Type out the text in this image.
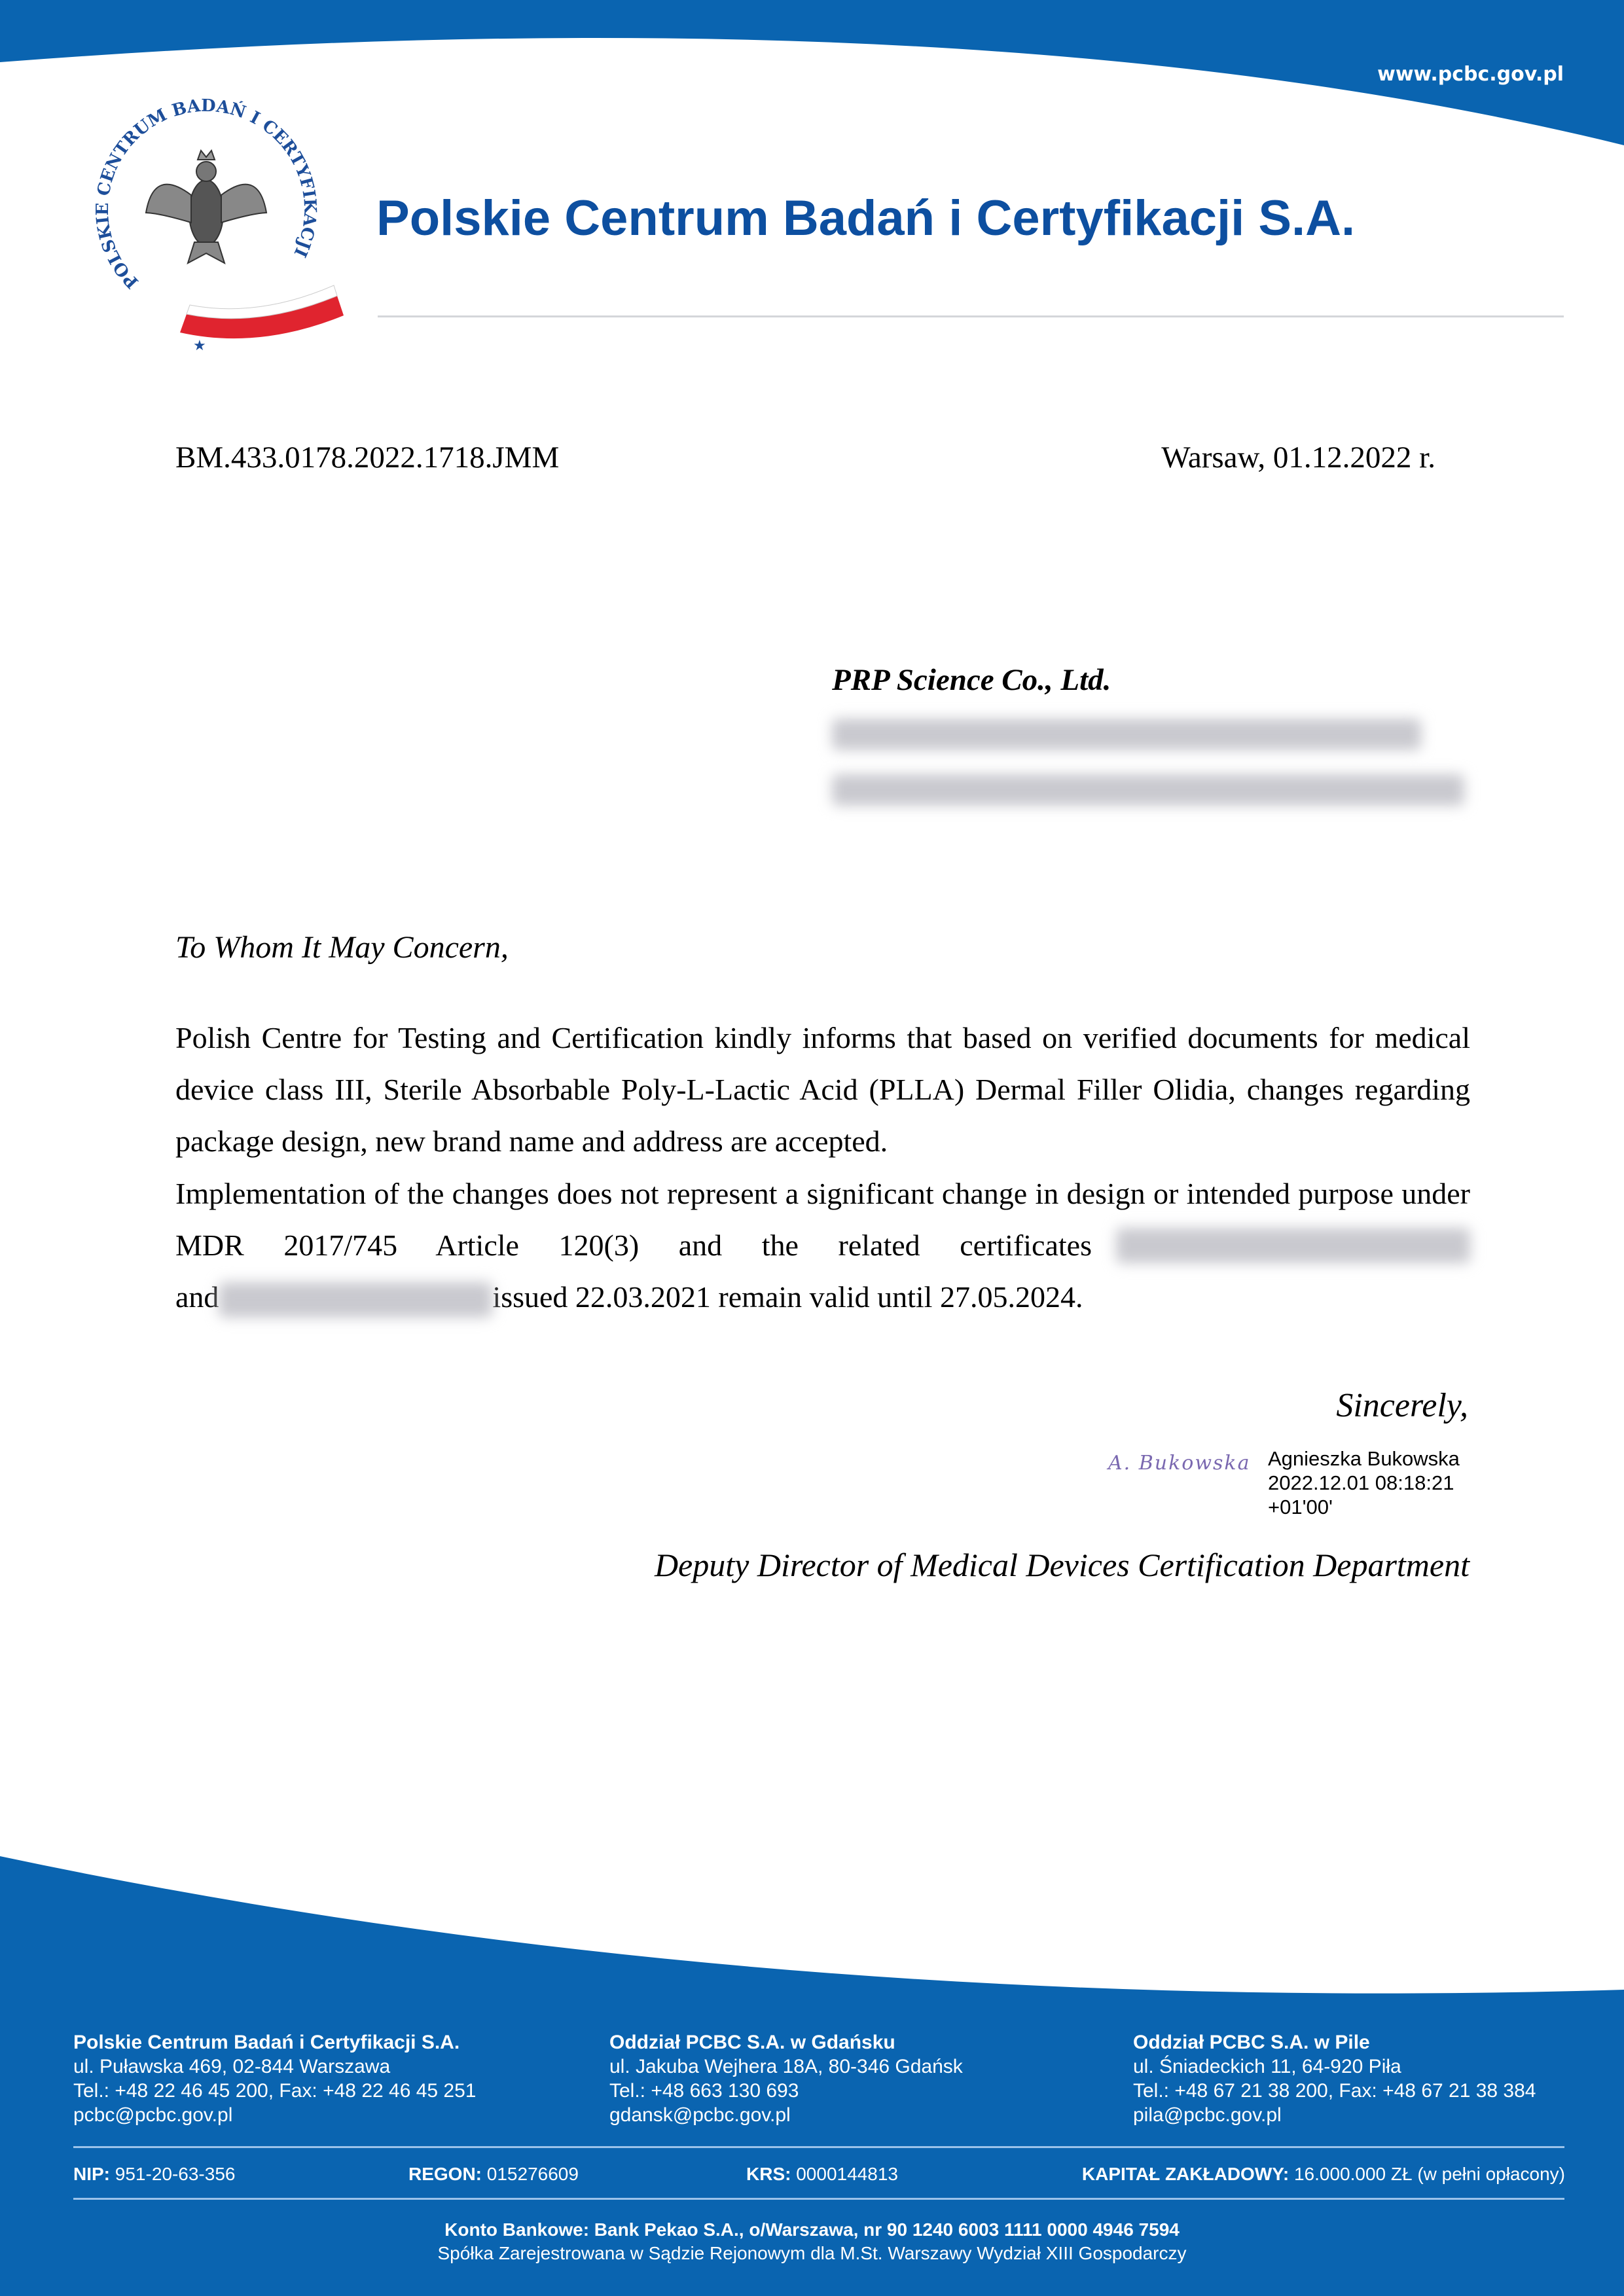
www.pcbc.gov.pl
★
POLSKIE CENTRUM BADAŃ I CERTYFIKACJI
Polskie Centrum Badań i Certyfikacji S.A.
BM.433.0178.2022.1718.JMM	Warsaw, 01.12.2022 r.
PRP Science Co., Ltd.
To Whom It May Concern,
Polish Centre for Testing and Certification kindly informs that based on verified documents for medical
device class III, Sterile Absorbable Poly-L-Lactic Acid (PLLA) Dermal Filler Olidia, changes regarding
package design, new brand name and address are accepted.
Implementation of the changes does not represent a significant change in design or intended purpose under
MDR 2017/745 Article 120(3) and the related certificates
and	issued 22.03.2021 remain valid until 27.05.2024.
Sincerely,
A. Bukowska Agnieszka Bukowska
2022.12.01 08:18:21
+01'00'
Deputy Director of Medical Devices Certification Department
Polskie Centrum Badań i Certyfikacji S.A.
ul. Puławska 469, 02-844 Warszawa
Tel.: +48 22 46 45 200, Fax: +48 22 46 45 251
pcbc@pcbc.gov.pl
Oddział PCBC S.A. w Gdańsku
ul. Jakuba Wejhera 18A, 80-346 Gdańsk
Tel.: +48 663 130 693
gdansk@pcbc.gov.pl
Oddział PCBC S.A. w Pile
ul. Śniadeckich 11, 64-920 Piła
Tel.: +48 67 21 38 200, Fax: +48 67 21 38 384
pila@pcbc.gov.pl
NIP: 951-20-63-356	REGON: 015276609	KRS: 0000144813	KAPITAŁ ZAKŁADOWY: 16.000.000 ZŁ (w pełni opłacony)
Konto Bankowe: Bank Pekao S.A., o/Warszawa, nr 90 1240 6003 1111 0000 4946 7594
Spółka Zarejestrowana w Sądzie Rejonowym dla M.St. Warszawy Wydział XIII Gospodarczy
